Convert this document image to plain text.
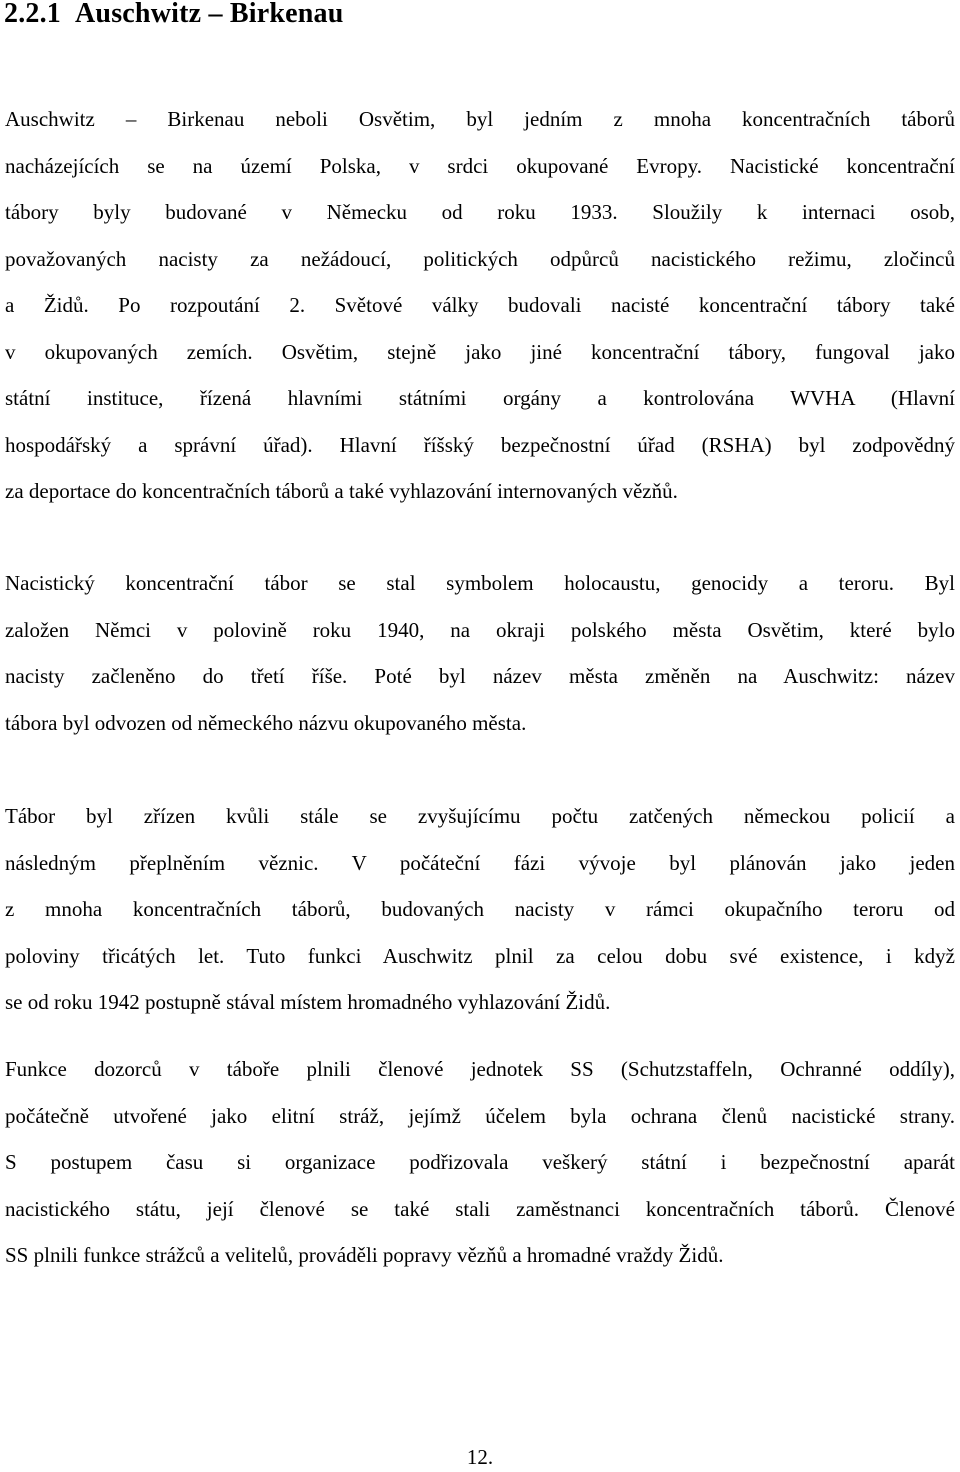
2.2.1 Auschwitz – Birkenau
Auschwitz – Birkenau neboli Osvětim, byl jedním z mnoha koncentračních táborů
nacházejících se na území Polska, v srdci okupované Evropy. Nacistické koncentrační
tábory byly budované v Německu od roku 1933. Sloužily k internaci osob,
považovaných nacisty za nežádoucí, politických odpůrců nacistického režimu, zločinců
a Židů. Po rozpoutání 2. Světové války budovali nacisté koncentrační tábory také
v okupovaných zemích. Osvětim, stejně jako jiné koncentrační tábory, fungoval jako
státní instituce, řízená hlavními státními orgány a kontrolována WVHA (Hlavní
hospodářský a správní úřad). Hlavní říšský bezpečnostní úřad (RSHA) byl zodpovědný
za deportace do koncentračních táborů a také vyhlazování internovaných vězňů.
Nacistický koncentrační tábor se stal symbolem holocaustu, genocidy a teroru. Byl
založen Němci v polovině roku 1940, na okraji polského města Osvětim, které bylo
nacisty začleněno do třetí říše. Poté byl název města změněn na Auschwitz: název
tábora byl odvozen od německého názvu okupovaného města.
Tábor byl zřízen kvůli stále se zvyšujícímu počtu zatčených německou policií a
následným přeplněním věznic. V počáteční fázi vývoje byl plánován jako jeden
z mnoha koncentračních táborů, budovaných nacisty v rámci okupačního teroru od
poloviny třicátých let. Tuto funkci Auschwitz plnil za celou dobu své existence, i když
se od roku 1942 postupně stával místem hromadného vyhlazování Židů.
Funkce dozorců v táboře plnili členové jednotek SS (Schutzstaffeln, Ochranné oddíly),
počátečně utvořené jako elitní stráž, jejímž účelem byla ochrana členů nacistické strany.
S postupem času si organizace podřizovala veškerý státní i bezpečnostní aparát
nacistického státu, její členové se také stali zaměstnanci koncentračních táborů. Členové
SS plnili funkce strážců a velitelů, prováděli popravy vězňů a hromadné vraždy Židů.

12.
